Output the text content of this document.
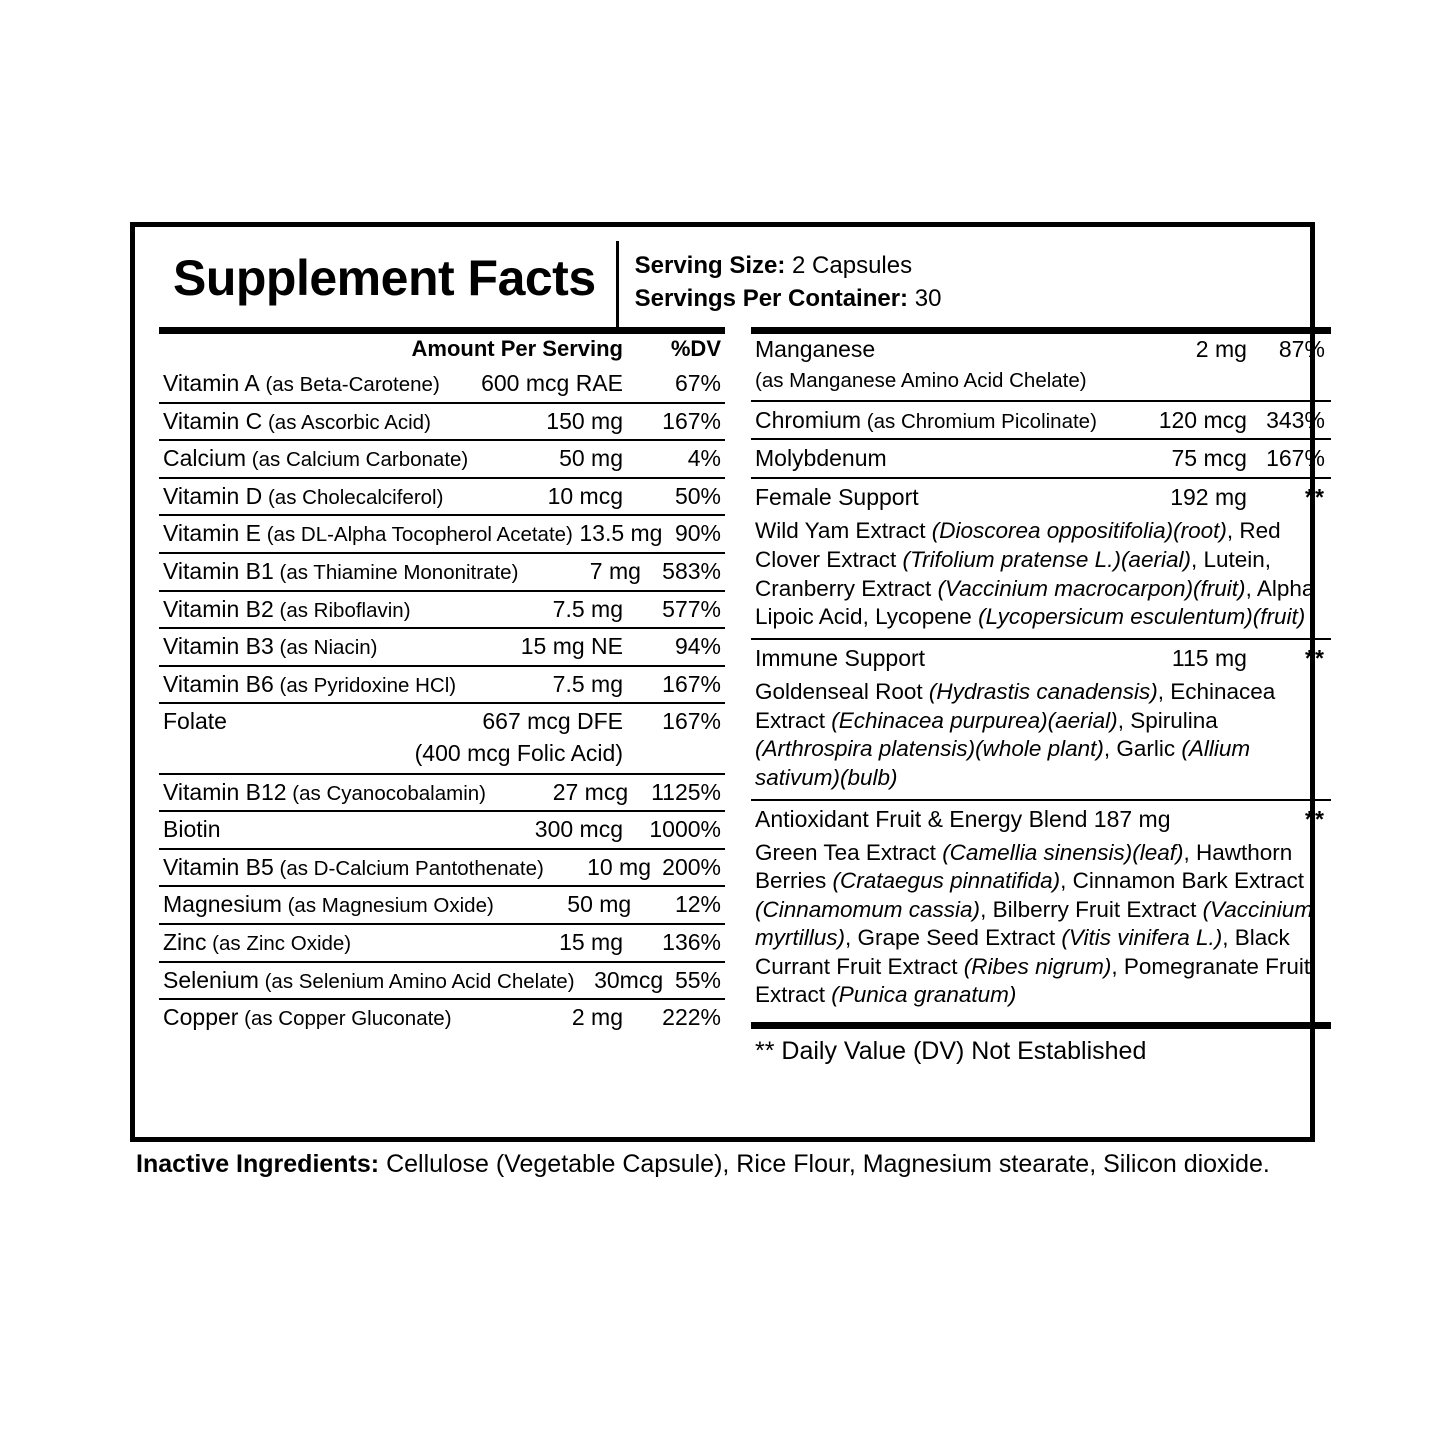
Supplement Facts Serving Size: 2 Capsules
Servings Per Container: 30
Amount Per Serving	%DV
Vitamin A (as Beta-Carotene)	600 mcg RAE	67%
Vitamin C (as Ascorbic Acid)	150 mg	167%
Calcium (as Calcium Carbonate)	50 mg	4%
Vitamin D (as Cholecalciferol)	10 mcg	50%
Vitamin E (as DL-Alpha Tocopherol Acetate) 13.5 mg 90%
Vitamin B1 (as Thiamine Mononitrate)	7 mg 583%
Vitamin B2 (as Riboflavin)	7.5 mg	577%
Vitamin B3 (as Niacin)	15 mg NE	94%
Vitamin B6 (as Pyridoxine HCl)	7.5 mg	167%
Folate	667 mcg DFE	167%
(400 mcg Folic Acid)
Vitamin B12 (as Cyanocobalamin)	27 mcg 1125%
Biotin	300 mcg	1000%
Vitamin B5 (as D-Calcium Pantothenate)	10 mg 200%
Magnesium (as Magnesium Oxide)	50 mg	12%
Zinc (as Zinc Oxide)	15 mg	136%
Selenium (as Selenium Amino Acid Chelate) 30mcg 55%
Copper (as Copper Gluconate)	2 mg	222%
Manganese	2 mg	87%
(as Manganese Amino Acid Chelate)
Chromium (as Chromium Picolinate)	120 mcg 343%
Molybdenum	75 mcg 167%
Female Support	192 mg	**
Wild Yam Extract (Dioscorea oppositifolia)(root), Red Clover Extract (Trifolium pratense L.)(aerial), Lutein, Cranberry Extract (Vaccinium macrocarpon)(fruit), Alpha Lipoic Acid, Lycopene (Lycopersicum esculentum)(fruit)
Immune Support	115 mg	**
Goldenseal Root (Hydrastis canadensis), Echinacea Extract (Echinacea purpurea)(aerial), Spirulina (Arthrospira platensis)(whole plant), Garlic (Allium sativum)(bulb)
Antioxidant Fruit & Energy Blend 187 mg	**
Green Tea Extract (Camellia sinensis)(leaf), Hawthorn Berries (Crataegus pinnatifida), Cinnamon Bark Extract (Cinnamomum cassia), Bilberry Fruit Extract (Vaccinium myrtillus), Grape Seed Extract (Vitis vinifera L.), Black Currant Fruit Extract (Ribes nigrum), Pomegranate Fruit Extract (Punica granatum)
** Daily Value (DV) Not Established
Inactive Ingredients: Cellulose (Vegetable Capsule), Rice Flour, Magnesium stearate, Silicon dioxide.
